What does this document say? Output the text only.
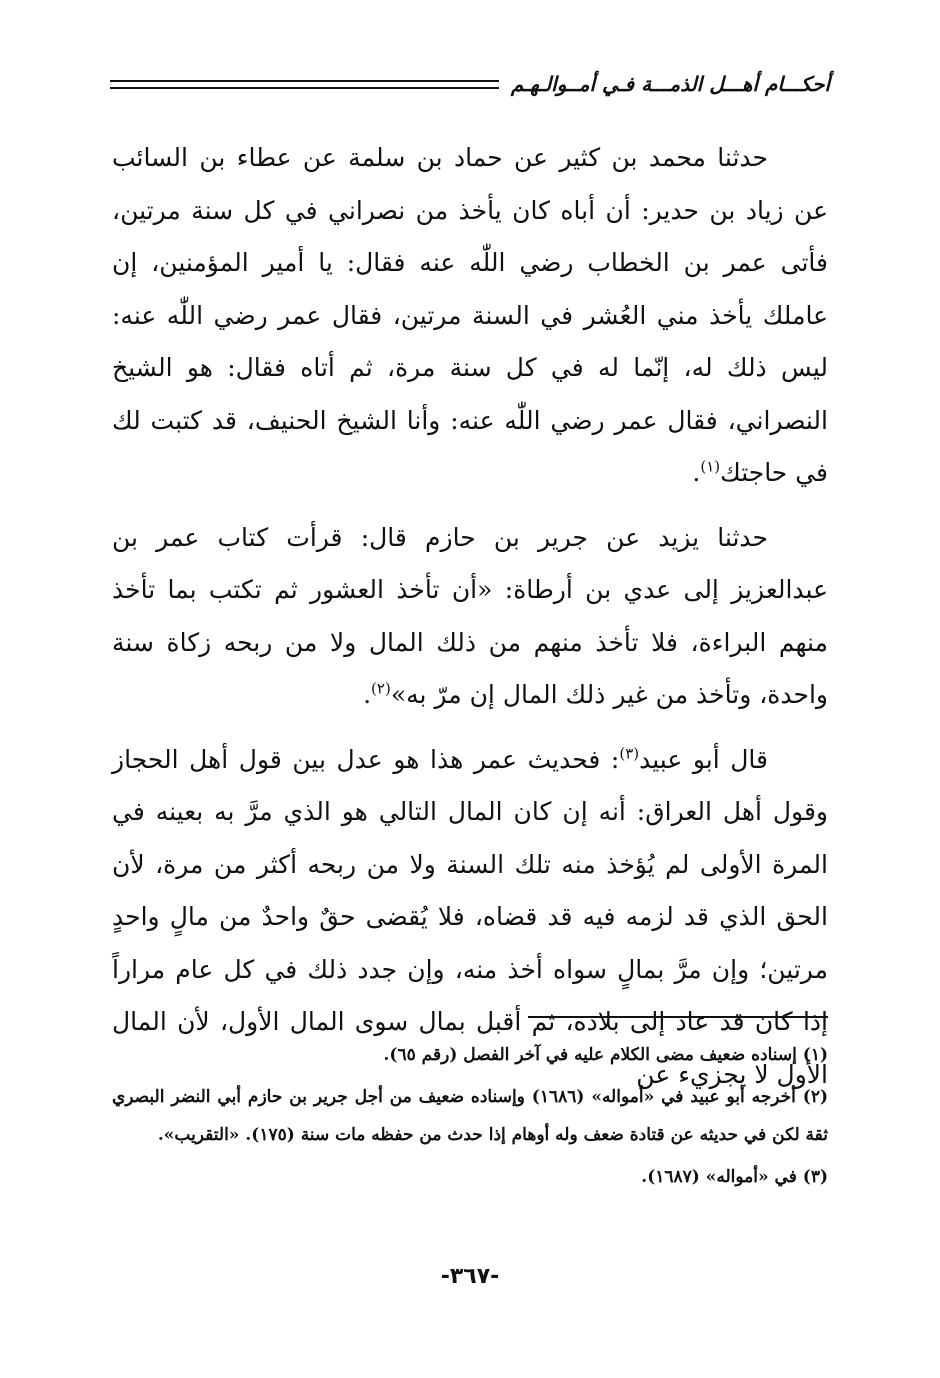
أحكـــام أهـــل الذمـــة فـي أمــوالـهـم

حدثنا محمد بن كثير عن حماد بن سلمة عن عطاء بن السائب عن زياد بن حدير: أن أباه كان يأخذ من نصراني في كل سنة مرتين، فأتى عمر بن الخطاب رضي اللّٰه عنه فقال: يا أمير المؤمنين، إن عاملك يأخذ مني العُشر في السنة مرتين، فقال عمر رضي اللّٰه عنه: ليس ذلك له، إنّما له في كل سنة مرة، ثم أتاه فقال: هو الشيخ النصراني، فقال عمر رضي اللّٰه عنه: وأنا الشيخ الحنيف، قد كتبت لك في حاجتك$^{(١)}$.

حدثنا يزيد عن جرير بن حازم قال: قرأت كتاب عمر بن عبدالعزيز إلى عدي بن أرطاة: «أن تأخذ العشور ثم تكتب بما تأخذ منهم البراءة، فلا تأخذ منهم من ذلك المال ولا من ربحه زكاة سنة واحدة، وتأخذ من غير ذلك المال إن مرّ به»$^{(٢)}$.

قال أبو عبيد$^{(٣)}$: فحديث عمر هذا هو عدل بين قول أهل الحجاز وقول أهل العراق: أنه إن كان المال التالي هو الذي مرَّ به بعينه في المرة الأولى لم يُؤخذ منه تلك السنة ولا من ربحه أكثر من مرة، لأن الحق الذي قد لزمه فيه قد قضاه، فلا يُقضى حقٌ واحدٌ من مالٍ واحدٍ مرتين؛ وإن مرَّ بمالٍ سواه أخذ منه، وإن جدد ذلك في كل عام مراراً إذا كان قد عاد إلى بلاده، ثم أقبل بمال سوى المال الأول، لأن المال الأول لا يجزيء عن

(١) إسناده ضعيف مضى الكلام عليه في آخر الفصل (رقم ٦٥).

(٢) أخرجه أبو عبيد في «أمواله» (١٦٨٦) وإسناده ضعيف من أجل جرير بن حازم أبي النضر البصري ثقة لكن في حديثه عن قتادة ضعف وله أوهام إذا حدث من حفظه مات سنة (١٧٥). «التقريب».

(٣) في «أمواله» (١٦٨٧).

-٣٦٧-
